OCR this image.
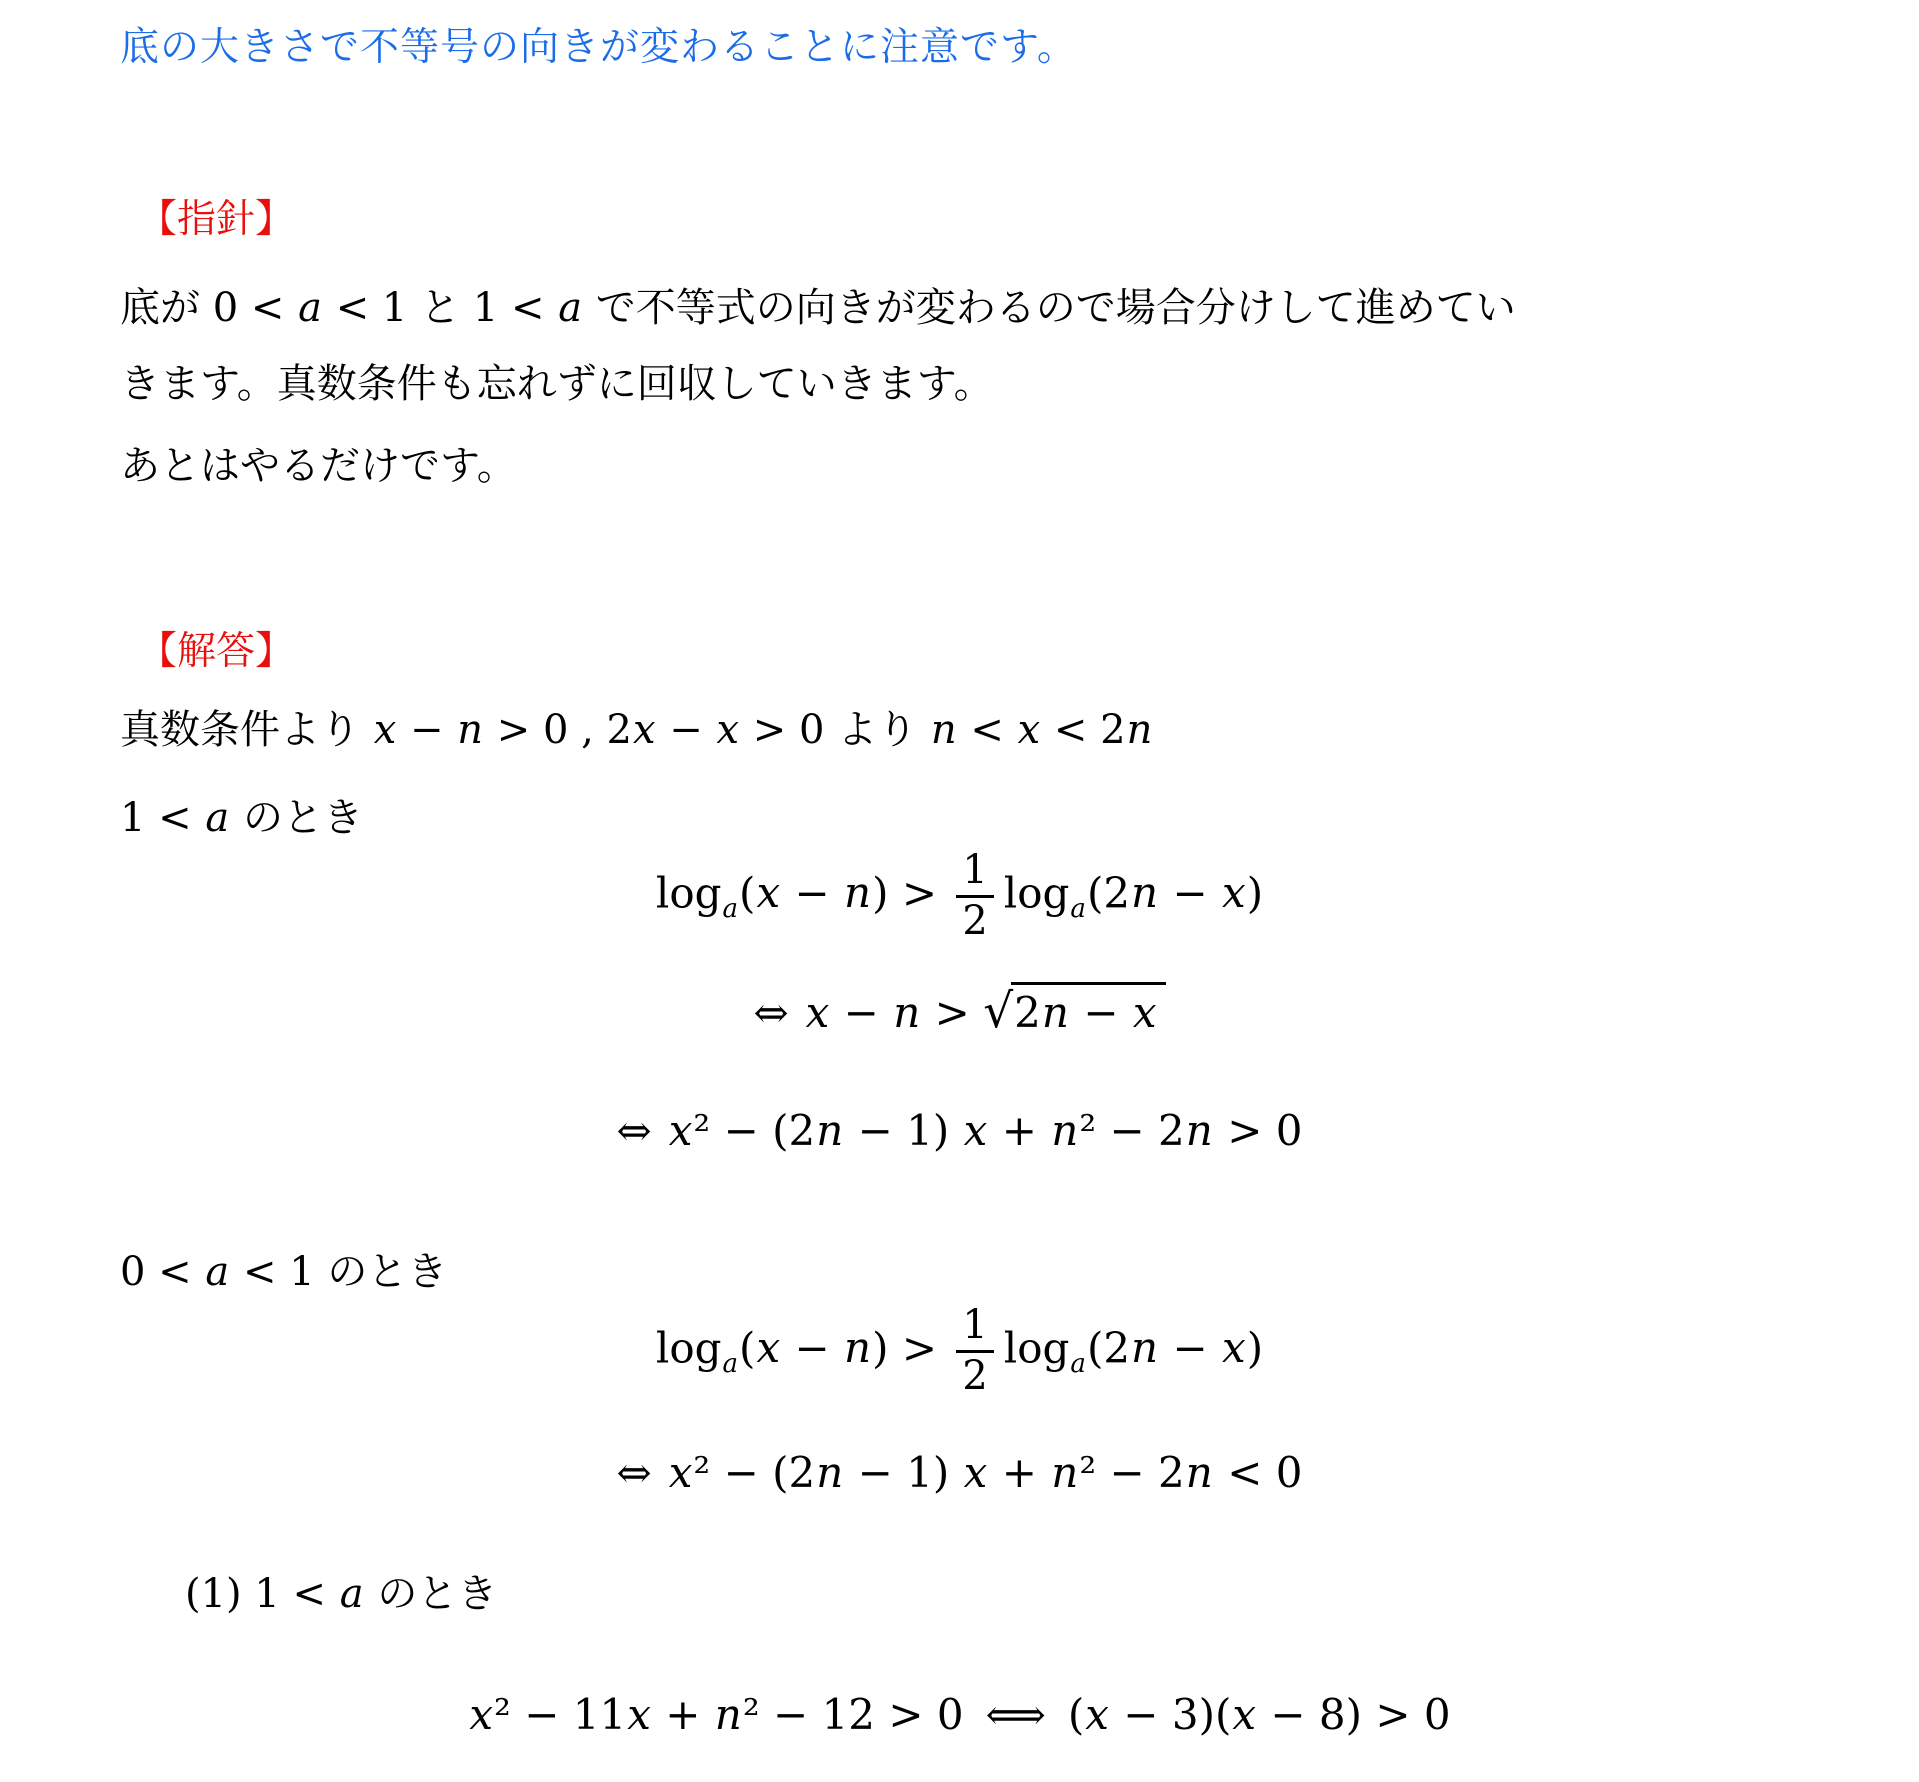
底の大きさで不等号の向きが変わることに注意です。
【指針】
底が 0 < a < 1 と 1 < a で不等式の向きが変わるので場合分けして進めてい
きます。真数条件も忘れずに回収していきます。
あとはやるだけです。
【解答】
真数条件より x − n > 0 , 2x − x > 0 より n < x < 2n
1 < a のとき
$\log_a(x - n) > \frac{1}{2} \log_a(2n - x)$
⇔ x − n > √2n − x
⇔ x² − (2n − 1) x + n² − 2n > 0
0 < a < 1 のとき
$\log_a(x - n) > \frac{1}{2} \log_a(2n - x)$
⇔ x² − (2n − 1) x + n² − 2n < 0
(1) 1 < a のとき
x² − 11x + n² − 12 > 0 ⟺ (x − 3)(x − 8) > 0
